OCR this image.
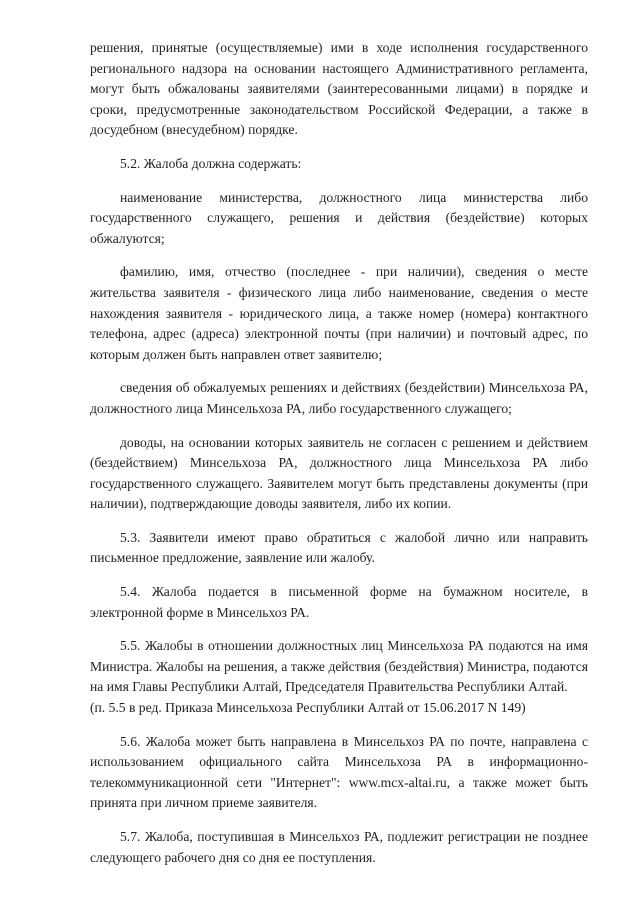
решения, принятые (осуществляемые) ими в ходе исполнения государственного регионального надзора на основании настоящего Административного регламента, могут быть обжалованы заявителями (заинтересованными лицами) в порядке и сроки, предусмотренные законодательством Российской Федерации, а также в досудебном (внесудебном) порядке.

5.2. Жалоба должна содержать:

наименование министерства, должностного лица министерства либо государственного служащего, решения и действия (бездействие) которых обжалуются;

фамилию, имя, отчество (последнее - при наличии), сведения о месте жительства заявителя - физического лица либо наименование, сведения о месте нахождения заявителя - юридического лица, а также номер (номера) контактного телефона, адрес (адреса) электронной почты (при наличии) и почтовый адрес, по которым должен быть направлен ответ заявителю;

сведения об обжалуемых решениях и действиях (бездействии) Минсельхоза РА, должностного лица Минсельхоза РА, либо государственного служащего;

доводы, на основании которых заявитель не согласен с решением и действием (бездействием) Минсельхоза РА, должностного лица Минсельхоза РА либо государственного служащего. Заявителем могут быть представлены документы (при наличии), подтверждающие доводы заявителя, либо их копии.

5.3. Заявители имеют право обратиться с жалобой лично или направить письменное предложение, заявление или жалобу.

5.4. Жалоба подается в письменной форме на бумажном носителе, в электронной форме в Минсельхоз РА.

5.5. Жалобы в отношении должностных лиц Минсельхоза РА подаются на имя Министра. Жалобы на решения, а также действия (бездействия) Министра, подаются на имя Главы Республики Алтай, Председателя Правительства Республики Алтай.

(п. 5.5 в ред. Приказа Минсельхоза Республики Алтай от 15.06.2017 N 149)

5.6. Жалоба может быть направлена в Минсельхоз РА по почте, направлена с использованием официального сайта Минсельхоза РА в информационно-телекоммуникационной сети "Интернет": www.mcx-altai.ru, а также может быть принята при личном приеме заявителя.

5.7. Жалоба, поступившая в Минсельхоз РА, подлежит регистрации не позднее следующего рабочего дня со дня ее поступления.
